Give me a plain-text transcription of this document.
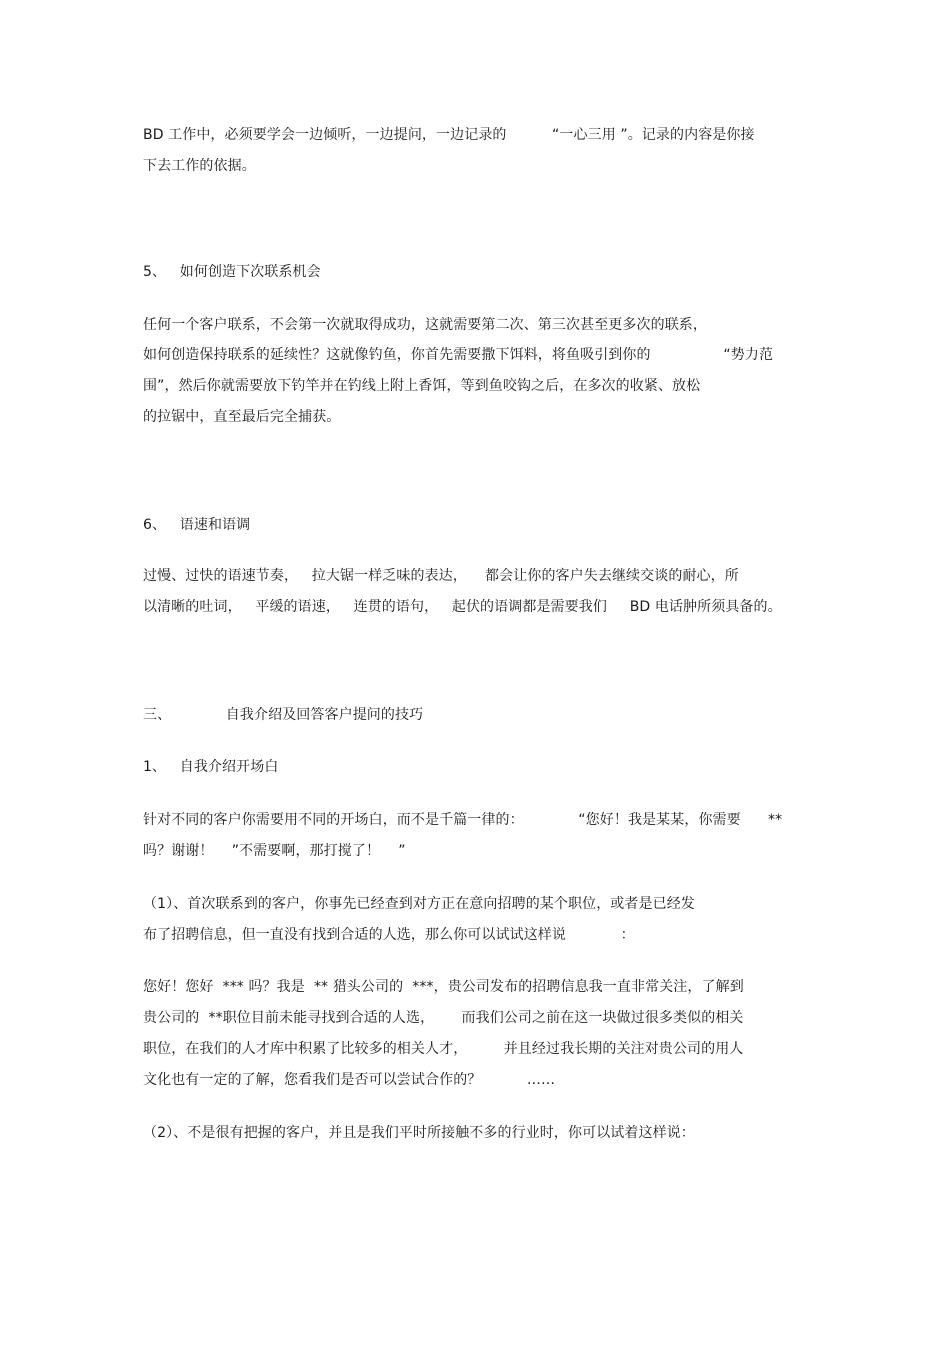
BD 工作中，必须要学会一边倾听，一边提问，一边记录的          “一心三用 ”。记录的内容是你接
下去工作的依据。
5、   如何创造下次联系机会
任何一个客户联系，不会第一次就取得成功，这就需要第二次、第三次甚至更多次的联系，
如何创造保持联系的延续性？这就像钓鱼，你首先需要撒下饵料，将鱼吸引到你的                “势力范
围”，然后你就需要放下钓竿并在钓线上附上香饵，等到鱼咬钩之后，在多次的收紧、放松
的拉锯中，直至最后完全捕获。
6、   语速和语调
过慢、过快的语速节奏，   拉大锯一样乏味的表达，    都会让你的客户失去继续交谈的耐心，所
以清晰的吐词，   平缓的语速，   连贯的语句，   起伏的语调都是需要我们     BD 电话肿所须具备的。
三、            自我介绍及回答客户提问的技巧
1、   自我介绍开场白
针对不同的客户你需要用不同的开场白，而不是千篇一律的：            “您好！我是某某，你需要      **
吗？谢谢！    ”不需要啊，那打搅了！    ”
（1）、首次联系到的客户，你事先已经查到对方正在意向招聘的某个职位，或者是已经发
布了招聘信息，但一直没有找到合适的人选，那么你可以试试这样说            ：
您好！您好  *** 吗？我是  ** 猎头公司的  ***，贵公司发布的招聘信息我一直非常关注，了解到
贵公司的  **职位目前未能寻找到合适的人选，      而我们公司之前在这一块做过很多类似的相关
职位，在我们的人才库中积累了比较多的相关人才，        并且经过我长期的关注对贵公司的用人
文化也有一定的了解，您看我们是否可以尝试合作的？          ……
（2）、不是很有把握的客户，并且是我们平时所接触不多的行业时，你可以试着这样说：
